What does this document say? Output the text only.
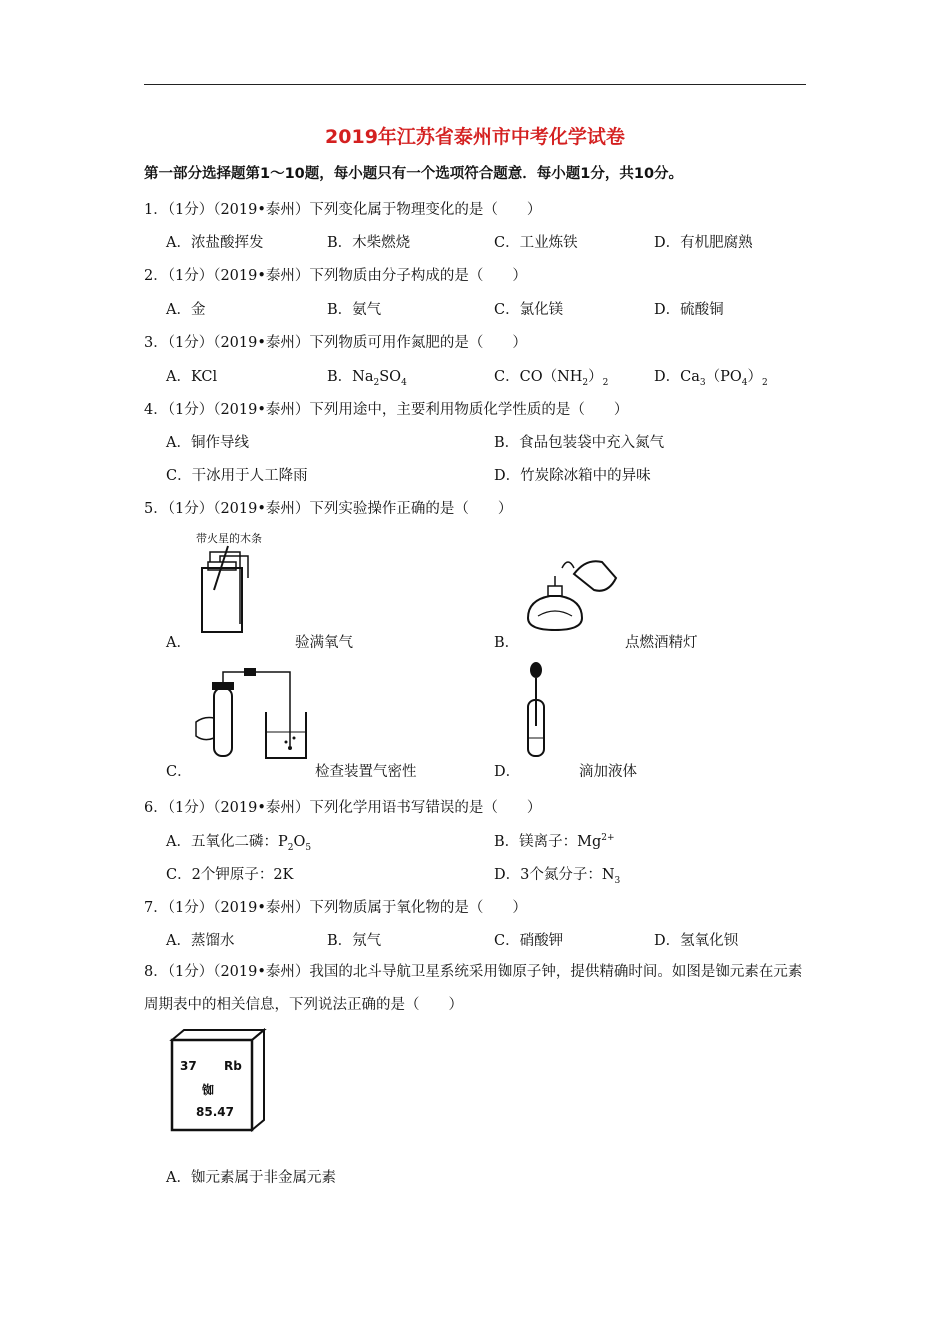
2019年江苏省泰州市中考化学试卷
第一部分选择题第1～10题，每小题只有一个选项符合题意．每小题1分，共10分。
1．（1分）（2019•泰州）下列变化属于物理变化的是（　　）
A．浓盐酸挥发	B．木柴燃烧	C．工业炼铁	D．有机肥腐熟
2．（1分）（2019•泰州）下列物质由分子构成的是（　　）
A．金	B．氨气	C．氯化镁	D．硫酸铜
3．（1分）（2019•泰州）下列物质可用作氮肥的是（　　）
A．KCl	B．$Na_2SO_4$	C．$CO(NH_2)_2$	D．$Ca_3(PO_4)_2$
4．（1分）（2019•泰州）下列用途中，主要利用物质化学性质的是（　　）
A．铜作导线	B．食品包装袋中充入氮气
C．干冰用于人工降雨	D．竹炭除冰箱中的异味
5．（1分）（2019•泰州）下列实验操作正确的是（　　）
带火星的木条
A．	验满氧气	B．	点燃酒精灯
C．	检查装置气密性	D．	滴加液体
6．（1分）（2019•泰州）下列化学用语书写错误的是（　　）
A．五氧化二磷：$P_2O_5$	B．镁离子：$Mg^{2+}$
C．2个钾原子：2K	D．3个氮分子：$N_3$
7．（1分）（2019•泰州）下列物质属于氧化物的是（　　）
A．蒸馏水	B．氖气	C．硝酸钾	D．氢氧化钡
8．（1分）（2019•泰州）我国的北斗导航卫星系统采用铷原子钟，提供精确时间。如图是铷元素在元素周期表中的相关信息，下列说法正确的是（　　）
37 Rb
铷
85.47
A．铷元素属于非金属元素
